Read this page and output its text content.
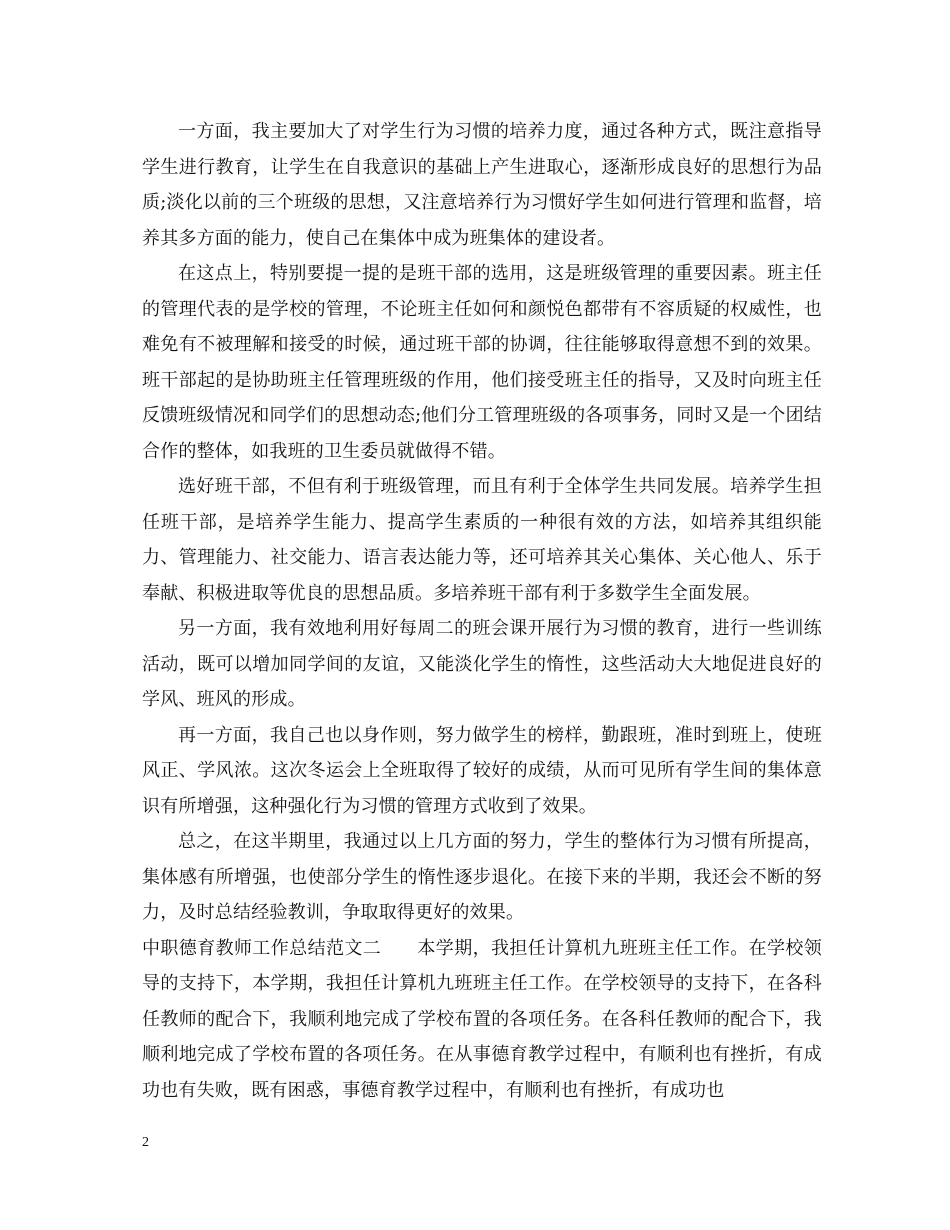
一方面，我主要加大了对学生行为习惯的培养力度，通过各种方式，既注意指导学生进行教育，让学生在自我意识的基础上产生进取心，逐渐形成良好的思想行为品质;淡化以前的三个班级的思想，又注意培养行为习惯好学生如何进行管理和监督，培养其多方面的能力，使自己在集体中成为班集体的建设者。

在这点上，特别要提一提的是班干部的选用，这是班级管理的重要因素。班主任的管理代表的是学校的管理，不论班主任如何和颜悦色都带有不容质疑的权威性，也难免有不被理解和接受的时候，通过班干部的协调，往往能够取得意想不到的效果。班干部起的是协助班主任管理班级的作用，他们接受班主任的指导，又及时向班主任反馈班级情况和同学们的思想动态;他们分工管理班级的各项事务，同时又是一个团结合作的整体，如我班的卫生委员就做得不错。

选好班干部，不但有利于班级管理，而且有利于全体学生共同发展。培养学生担任班干部，是培养学生能力、提高学生素质的一种很有效的方法，如培养其组织能力、管理能力、社交能力、语言表达能力等，还可培养其关心集体、关心他人、乐于奉献、积极进取等优良的思想品质。多培养班干部有利于多数学生全面发展。

另一方面，我有效地利用好每周二的班会课开展行为习惯的教育，进行一些训练活动，既可以增加同学间的友谊，又能淡化学生的惰性，这些活动大大地促进良好的学风、班风的形成。

再一方面，我自己也以身作则，努力做学生的榜样，勤跟班，准时到班上，使班风正、学风浓。这次冬运会上全班取得了较好的成绩，从而可见所有学生间的集体意识有所增强，这种强化行为习惯的管理方式收到了效果。

总之，在这半期里，我通过以上几方面的努力，学生的整体行为习惯有所提高，集体感有所增强，也使部分学生的惰性逐步退化。在接下来的半期，我还会不断的努力，及时总结经验教训，争取取得更好的效果。

中职德育教师工作总结范文二 本学期，我担任计算机九班班主任工作。在学校领导的支持下，本学期，我担任计算机九班班主任工作。在学校领导的支持下，在各科任教师的配合下，我顺利地完成了学校布置的各项任务。在各科任教师的配合下，我顺利地完成了学校布置的各项任务。在从事德育教学过程中，有顺利也有挫折，有成功也有失败，既有困惑，事德育教学过程中，有顺利也有挫折，有成功也

2
